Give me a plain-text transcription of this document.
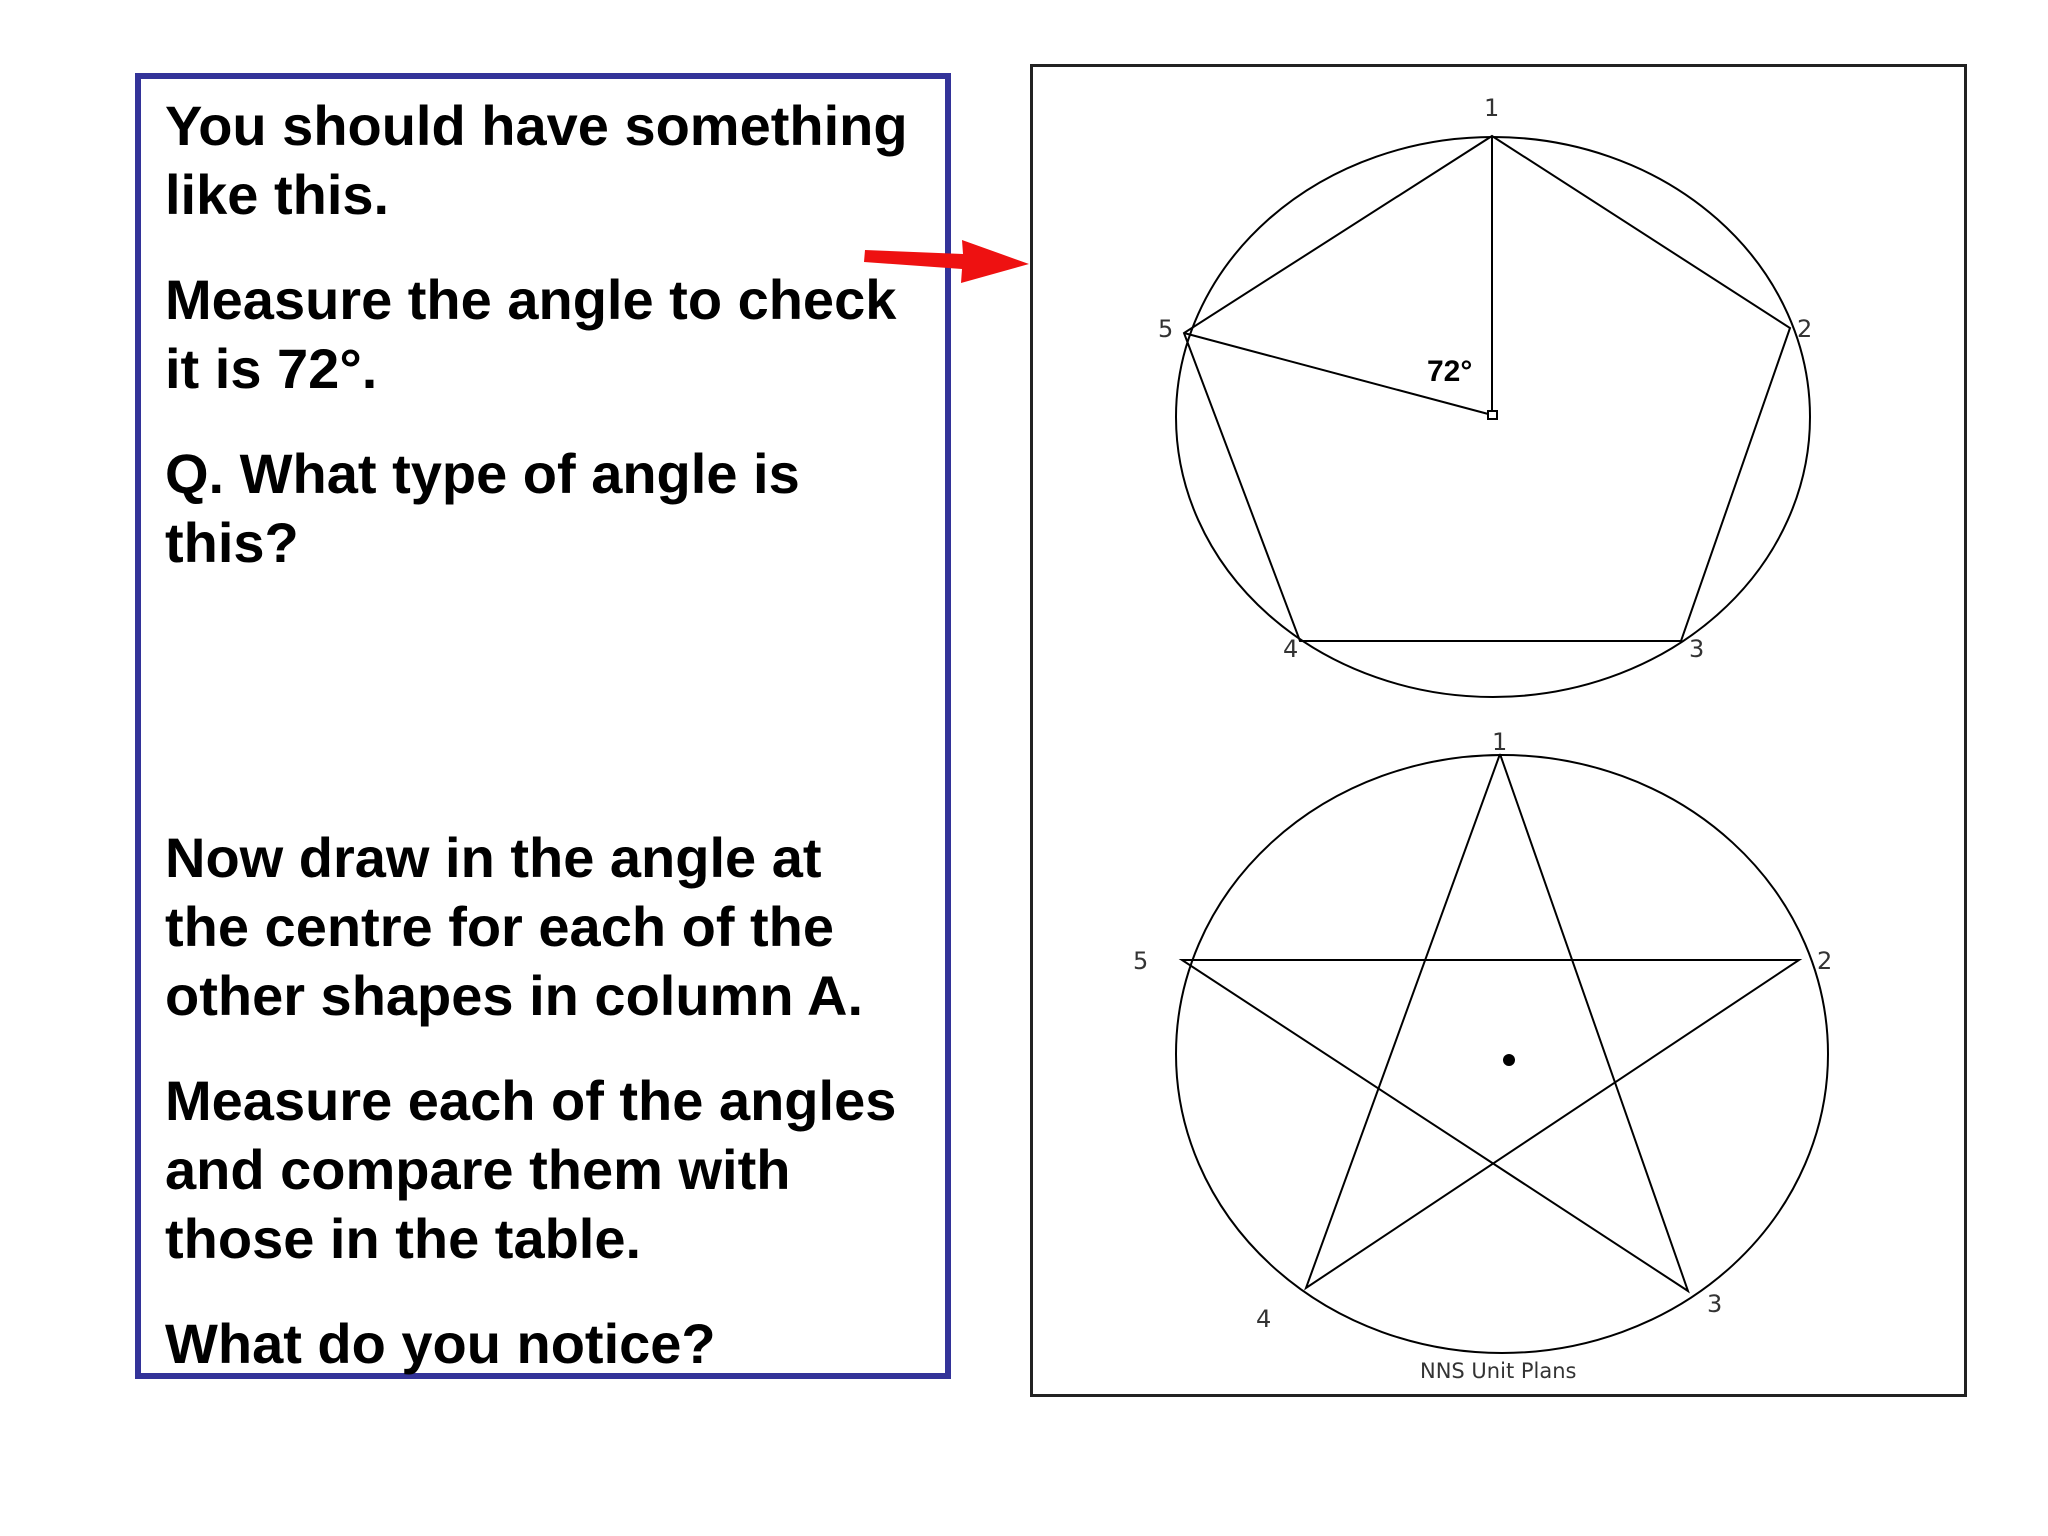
You should have something
like this.

Measure the angle to check
it is 72°.

Q. What type of angle is
this?

Now draw in the angle at
the centre for each of the
other shapes in column A.

Measure each of the angles
and compare them with
those in the table.

What do you notice?

72°
1
2
3
4
5
1
2
3
4
5
NNS Unit Plans
